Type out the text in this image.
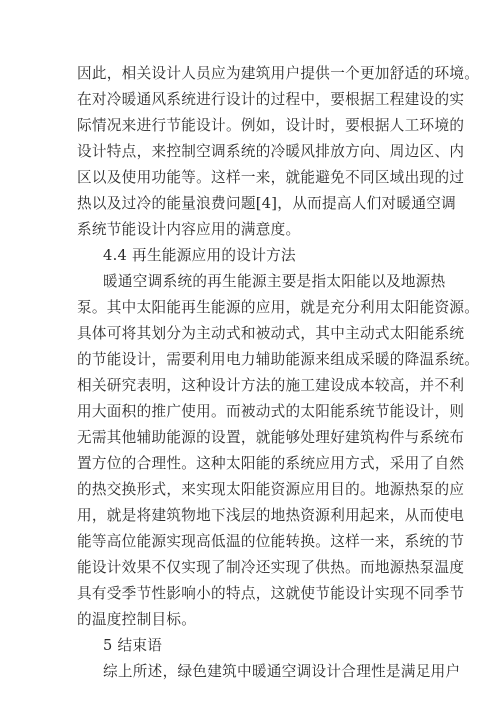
因此，相关设计人员应为建筑用户提供一个更加舒适的环境。
在对冷暖通风系统进行设计的过程中，要根据工程建设的实
际情况来进行节能设计。例如，设计时，要根据人工环境的
设计特点，来控制空调系统的冷暖风排放方向、周边区、内
区以及使用功能等。这样一来，就能避免不同区域出现的过
热以及过冷的能量浪费问题[4]，从而提高人们对暖通空调
系统节能设计内容应用的满意度。
4.4 再生能源应用的设计方法
暖通空调系统的再生能源主要是指太阳能以及地源热
泵。其中太阳能再生能源的应用，就是充分利用太阳能资源。
具体可将其划分为主动式和被动式，其中主动式太阳能系统
的节能设计，需要利用电力辅助能源来组成采暖的降温系统。
相关研究表明，这种设计方法的施工建设成本较高，并不利
用大面积的推广使用。而被动式的太阳能系统节能设计，则
无需其他辅助能源的设置，就能够处理好建筑构件与系统布
置方位的合理性。这种太阳能的系统应用方式，采用了自然
的热交换形式，来实现太阳能资源应用目的。地源热泵的应
用，就是将建筑物地下浅层的地热资源利用起来，从而使电
能等高位能源实现高低温的位能转换。这样一来，系统的节
能设计效果不仅实现了制冷还实现了供热。而地源热泵温度
具有受季节性影响小的特点，这就使节能设计实现不同季节
的温度控制目标。
5 结束语
综上所述，绿色建筑中暖通空调设计合理性是满足用户
